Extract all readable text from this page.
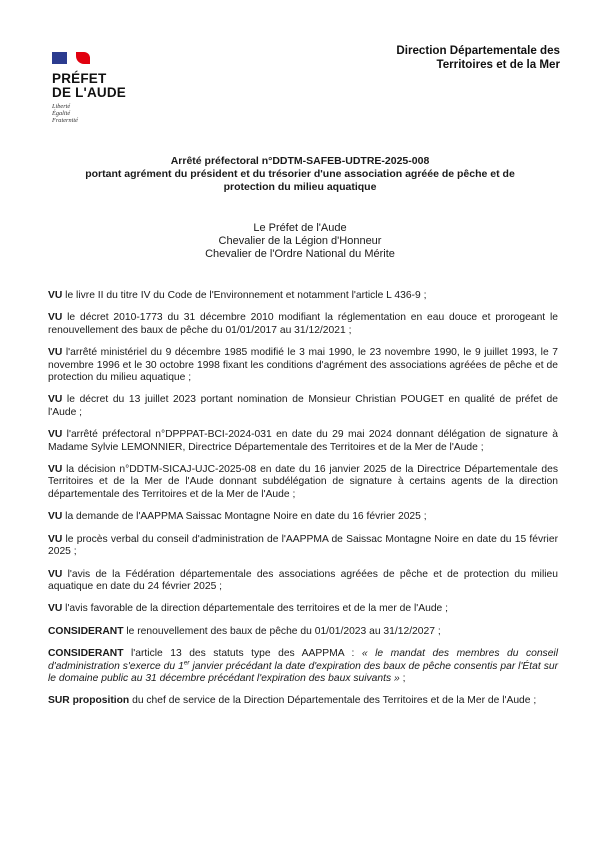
PRÉFET
DE L'AUDE
Liberté
Égalité
Fraternité
Direction Départementale des
Territoires et de la Mer
Arrêté préfectoral n°DDTM-SAFEB-UDTRE-2025-008
portant agrément du président et du trésorier d'une association agréée de pêche et de
protection du milieu aquatique
Le Préfet de l'Aude
Chevalier de la Légion d'Honneur
Chevalier de l'Ordre National du Mérite

VU le livre II du titre IV du Code de l'Environnement et notamment l'article L 436-9 ;

VU le décret 2010-1773 du 31 décembre 2010 modifiant la réglementation en eau douce et prorogeant le renouvellement des baux de pêche du 01/01/2017 au 31/12/2021 ;

VU l'arrêté ministériel du 9 décembre 1985 modifié le 3 mai 1990, le 23 novembre 1990, le 9 juillet 1993, le 7 novembre 1996 et le 30 octobre 1998 fixant les conditions d'agrément des associations agréées de pêche et de protection du milieu aquatique ;

VU le décret du 13 juillet 2023 portant nomination de Monsieur Christian POUGET en qualité de préfet de l'Aude ;

VU l'arrêté préfectoral n°DPPPAT-BCI-2024-031 en date du 29 mai 2024 donnant délégation de signature à Madame Sylvie LEMONNIER, Directrice Départementale des Territoires et de la Mer de l'Aude ;

VU la décision n°DDTM-SICAJ-UJC-2025-08 en date du 16 janvier 2025 de la Directrice Départementale des Territoires et de la Mer de l'Aude donnant subdélégation de signature à certains agents de la direction départementale des Territoires et de la Mer de l'Aude ;

VU la demande de l'AAPPMA Saissac Montagne Noire en date du 16 février 2025 ;

VU le procès verbal du conseil d'administration de l'AAPPMA de Saissac Montagne Noire en date du 15 février 2025 ;

VU l'avis de la Fédération départementale des associations agréées de pêche et de protection du milieu aquatique en date du 24 février 2025 ;

VU l'avis favorable de la direction départementale des territoires et de la mer de l'Aude ;

CONSIDERANT le renouvellement des baux de pêche du 01/01/2023 au 31/12/2027 ;

CONSIDERANT l'article 13 des statuts type des AAPPMA : « le mandat des membres du conseil d'administration s'exerce du 1er janvier précédant la date d'expiration des baux de pêche consentis par l'État sur le domaine public au 31 décembre précédant l'expiration des baux suivants » ;

SUR proposition du chef de service de la Direction Départementale des Territoires et de la Mer de l'Aude ;
